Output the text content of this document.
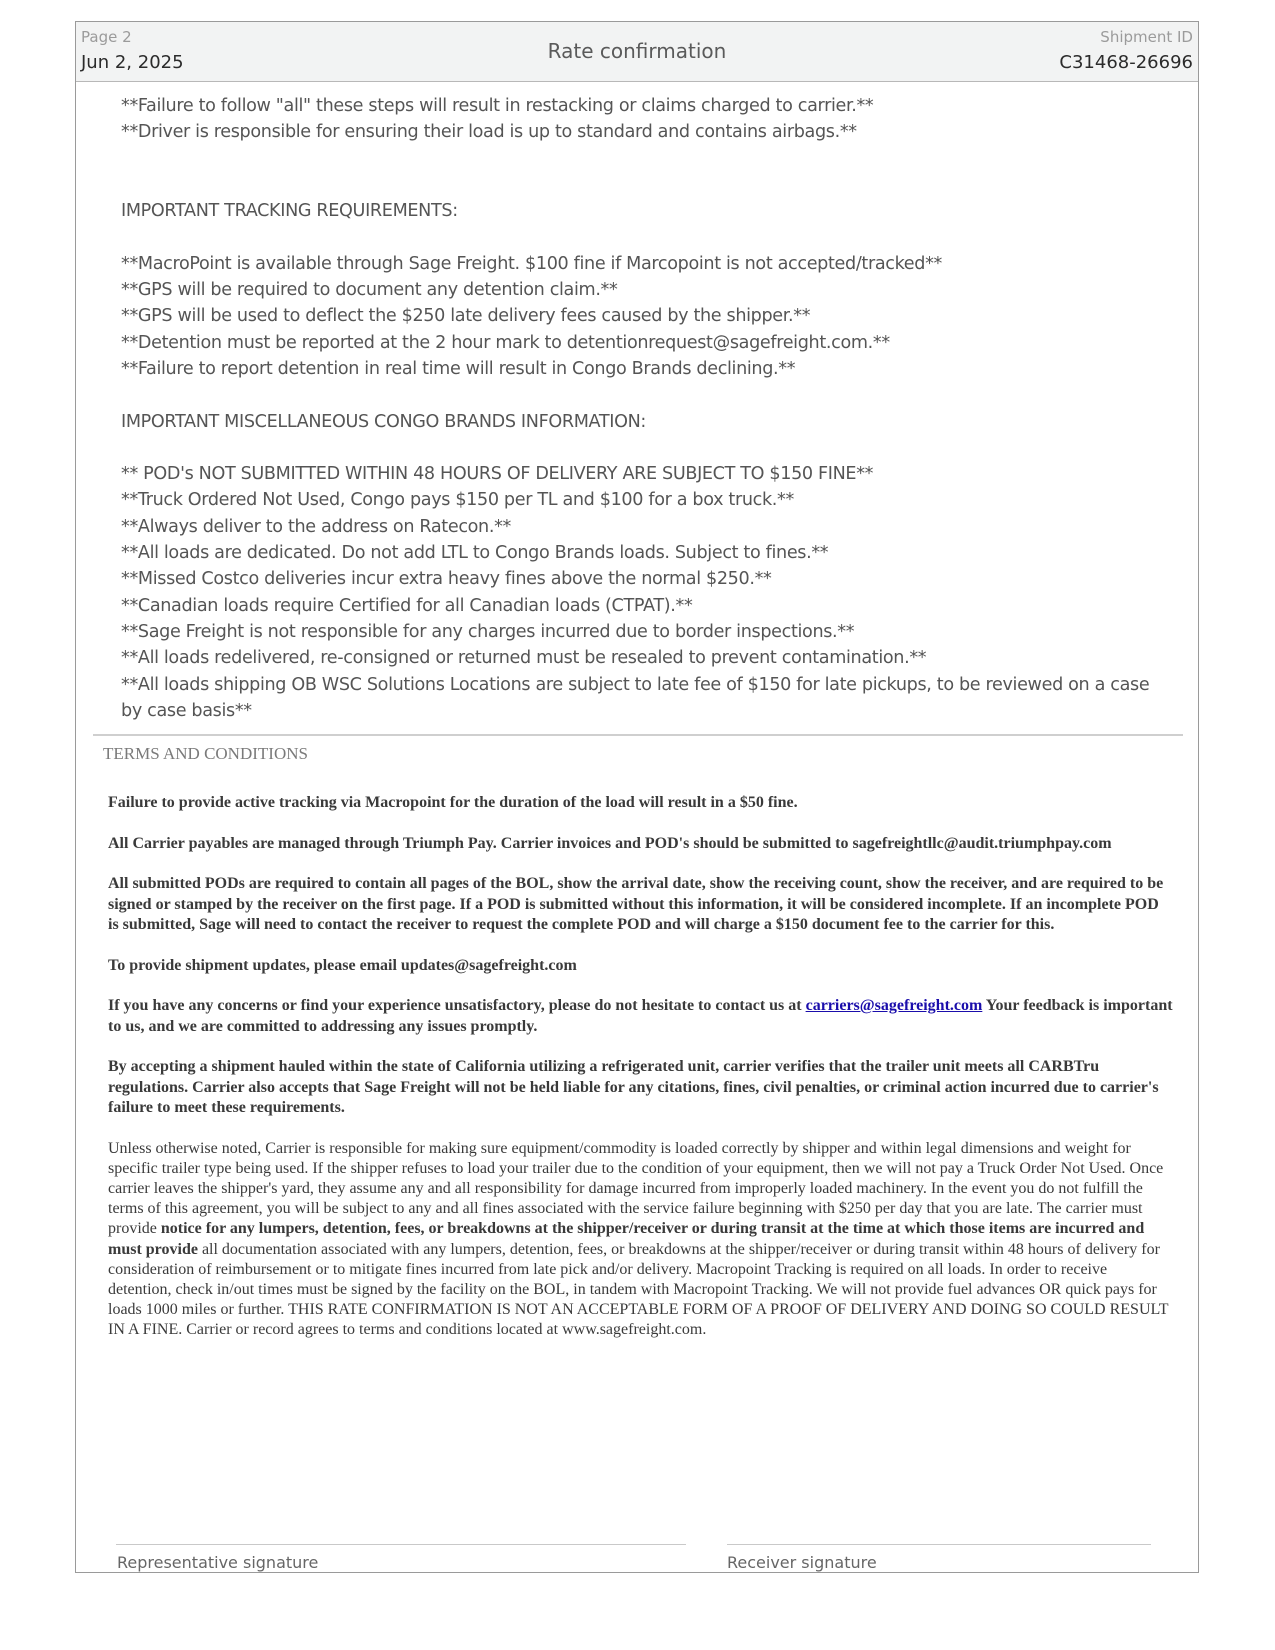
Page 2
Jun 2, 2025	Rate confirmation
Shipment ID
C31468-26696
**Failure to follow "all" these steps will result in restacking or claims charged to carrier.**
**Driver is responsible for ensuring their load is up to standard and contains airbags.**
IMPORTANT TRACKING REQUIREMENTS:
**MacroPoint is available through Sage Freight. $100 fine if Marcopoint is not accepted/tracked**
**GPS will be required to document any detention claim.**
**GPS will be used to deflect the $250 late delivery fees caused by the shipper.**
**Detention must be reported at the 2 hour mark to detentionrequest@sagefreight.com.**
**Failure to report detention in real time will result in Congo Brands declining.**
IMPORTANT MISCELLANEOUS CONGO BRANDS INFORMATION:
** POD's NOT SUBMITTED WITHIN 48 HOURS OF DELIVERY ARE SUBJECT TO $150 FINE**
**Truck Ordered Not Used, Congo pays $150 per TL and $100 for a box truck.**
**Always deliver to the address on Ratecon.**
**All loads are dedicated. Do not add LTL to Congo Brands loads. Subject to fines.**
**Missed Costco deliveries incur extra heavy fines above the normal $250.**
**Canadian loads require Certified for all Canadian loads (CTPAT).**
**Sage Freight is not responsible for any charges incurred due to border inspections.**
**All loads redelivered, re-consigned or returned must be resealed to prevent contamination.**
**All loads shipping OB WSC Solutions Locations are subject to late fee of $150 for late pickups, to be reviewed on a case by case basis**
TERMS AND CONDITIONS

Failure to provide active tracking via Macropoint for the duration of the load will result in a $50 fine.

All Carrier payables are managed through Triumph Pay. Carrier invoices and POD's should be submitted to sagefreightllc@audit.triumphpay.com

All submitted PODs are required to contain all pages of the BOL, show the arrival date, show the receiving count, show the receiver, and are required to be signed or stamped by the receiver on the first page. If a POD is submitted without this information, it will be considered incomplete. If an incomplete POD is submitted, Sage will need to contact the receiver to request the complete POD and will charge a $150 document fee to the carrier for this.

To provide shipment updates, please email updates@sagefreight.com

If you have any concerns or find your experience unsatisfactory, please do not hesitate to contact us at carriers@sagefreight.com Your feedback is important to us, and we are committed to addressing any issues promptly.

By accepting a shipment hauled within the state of California utilizing a refrigerated unit, carrier verifies that the trailer unit meets all CARBTru regulations. Carrier also accepts that Sage Freight will not be held liable for any citations, fines, civil penalties, or criminal action incurred due to carrier's failure to meet these requirements.

Unless otherwise noted, Carrier is responsible for making sure equipment/commodity is loaded correctly by shipper and within legal dimensions and weight for specific trailer type being used. If the shipper refuses to load your trailer due to the condition of your equipment, then we will not pay a Truck Order Not Used. Once carrier leaves the shipper's yard, they assume any and all responsibility for damage incurred from improperly loaded machinery. In the event you do not fulfill the terms of this agreement, you will be subject to any and all fines associated with the service failure beginning with $250 per day that you are late. The carrier must provide notice for any lumpers, detention, fees, or breakdowns at the shipper/receiver or during transit at the time at which those items are incurred and must provide all documentation associated with any lumpers, detention, fees, or breakdowns at the shipper/receiver or during transit within 48 hours of delivery for consideration of reimbursement or to mitigate fines incurred from late pick and/or delivery. Macropoint Tracking is required on all loads. In order to receive detention, check in/out times must be signed by the facility on the BOL, in tandem with Macropoint Tracking. We will not provide fuel advances OR quick pays for loads 1000 miles or further. THIS RATE CONFIRMATION IS NOT AN ACCEPTABLE FORM OF A PROOF OF DELIVERY AND DOING SO COULD RESULT IN A FINE. Carrier or record agrees to terms and conditions located at www.sagefreight.com.

Representative signature	Receiver signature
